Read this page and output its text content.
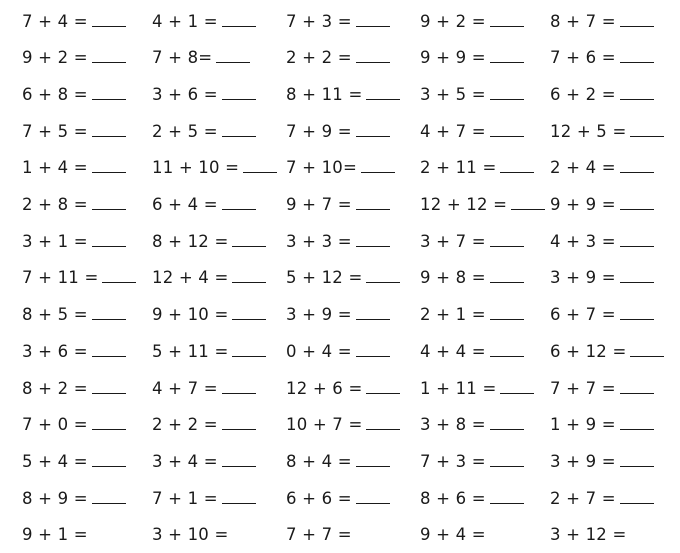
7 + 4 =	4 + 1 =	7 + 3 =	9 + 2 =	8 + 7 =
9 + 2 =	7 + 8=	2 + 2 =	9 + 9 =	7 + 6 =
6 + 8 =	3 + 6 =	8 + 11 =	3 + 5 =	6 + 2 =
7 + 5 =	2 + 5 =	7 + 9 =	4 + 7 =	12 + 5 =
1 + 4 =	11 + 10 =	7 + 10=	2 + 11 =	2 + 4 =
2 + 8 =	6 + 4 =	9 + 7 =	12 + 12 =	9 + 9 =
3 + 1 =	8 + 12 =	3 + 3 =	3 + 7 =	4 + 3 =
7 + 11 =	12 + 4 =	5 + 12 =	9 + 8 =	3 + 9 =
8 + 5 =	9 + 10 =	3 + 9 =	2 + 1 =	6 + 7 =
3 + 6 =	5 + 11 =	0 + 4 =	4 + 4 =	6 + 12 =
8 + 2 =	4 + 7 =	12 + 6 =	1 + 11 =	7 + 7 =
7 + 0 =	2 + 2 =	10 + 7 =	3 + 8 =	1 + 9 =
5 + 4 =	3 + 4 =	8 + 4 =	7 + 3 =	3 + 9 =
8 + 9 =	7 + 1 =	6 + 6 =	8 + 6 =	2 + 7 =
9 + 1 =	3 + 10 =	7 + 7 =	9 + 4 =	3 + 12 =
